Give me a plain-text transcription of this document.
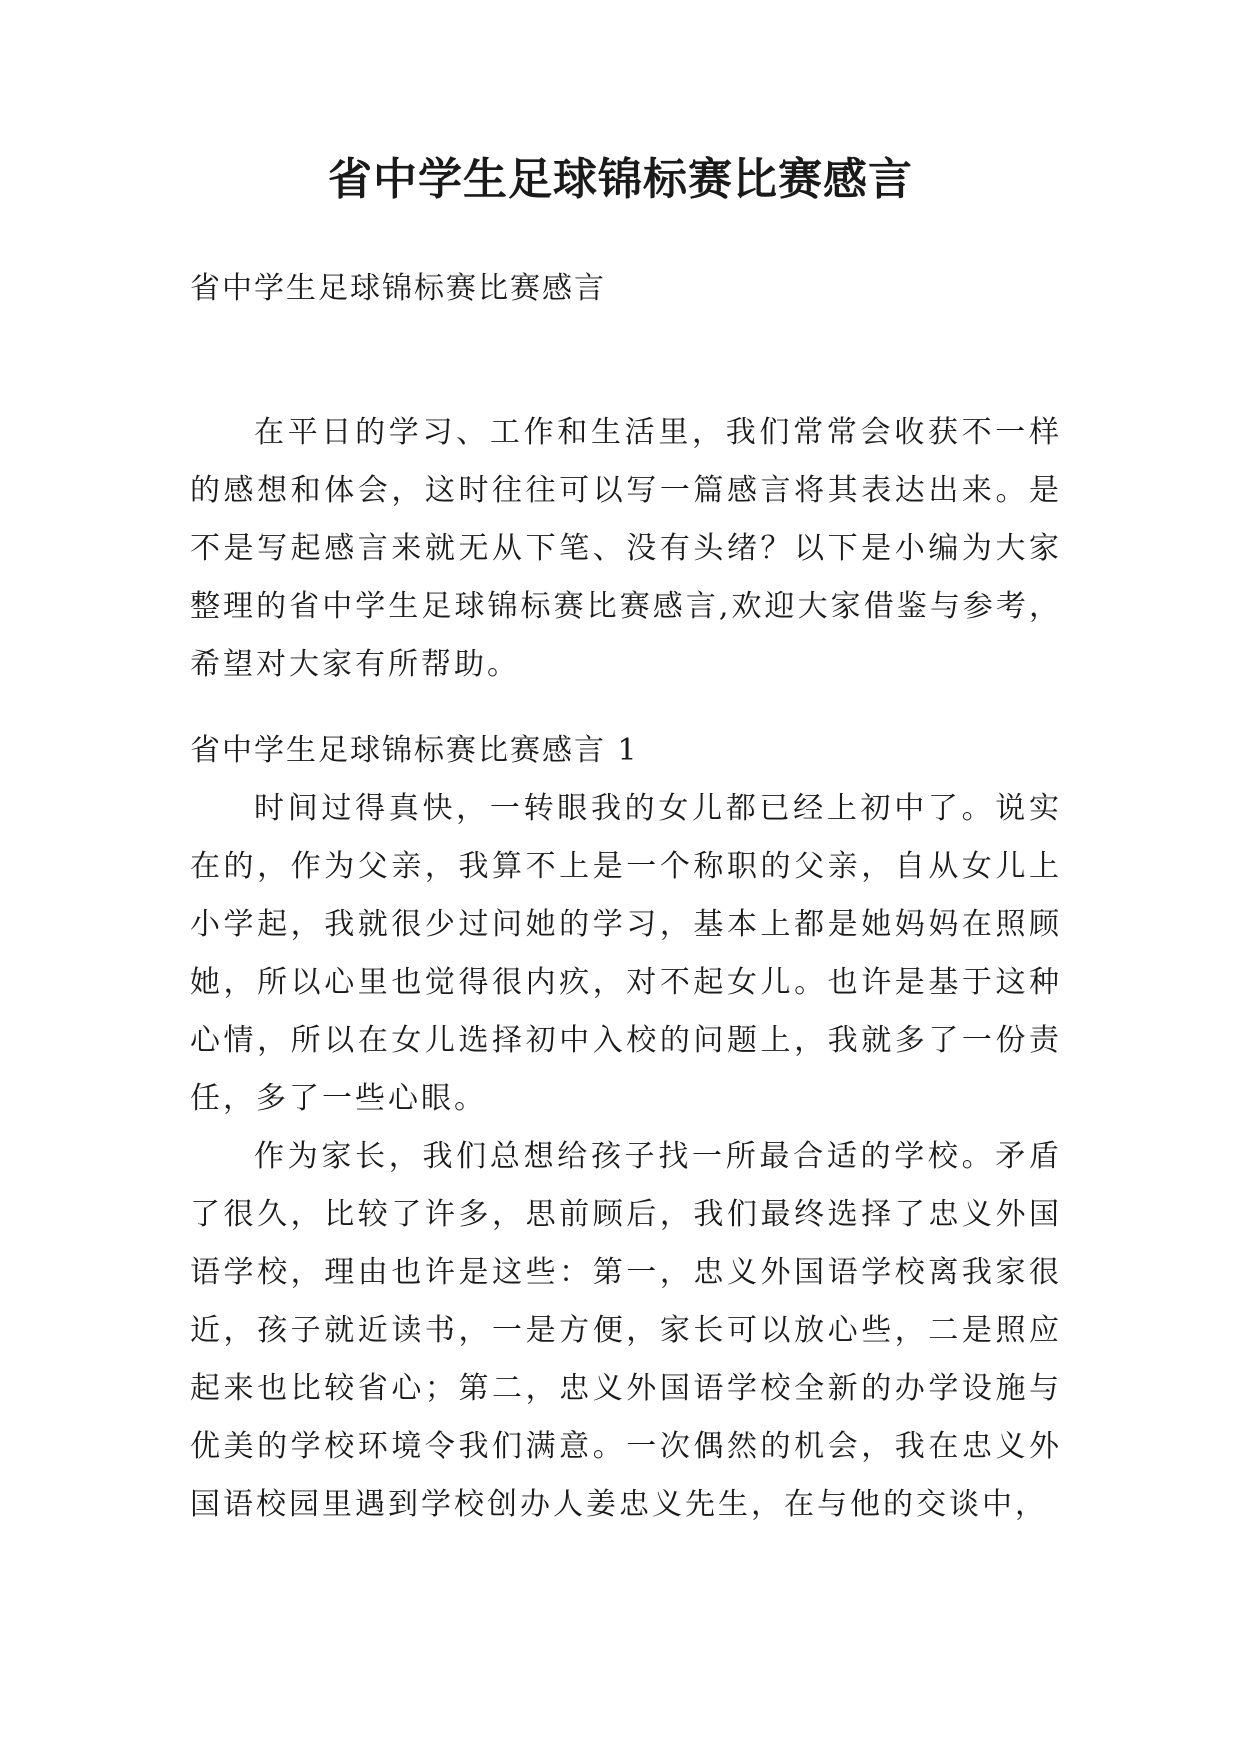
省中学生足球锦标赛比赛感言

省中学生足球锦标赛比赛感言

在平日的学习、工作和生活里，我们常常会收获不一样的感想和体会，这时往往可以写一篇感言将其表达出来。是不是写起感言来就无从下笔、没有头绪？以下是小编为大家整理的省中学生足球锦标赛比赛感言,欢迎大家借鉴与参考，希望对大家有所帮助。

省中学生足球锦标赛比赛感言 1

时间过得真快，一转眼我的女儿都已经上初中了。说实在的，作为父亲，我算不上是一个称职的父亲，自从女儿上小学起，我就很少过问她的学习，基本上都是她妈妈在照顾她，所以心里也觉得很内疚，对不起女儿。也许是基于这种心情，所以在女儿选择初中入校的问题上，我就多了一份责任，多了一些心眼。

作为家长，我们总想给孩子找一所最合适的学校。矛盾了很久，比较了许多，思前顾后，我们最终选择了忠义外国语学校，理由也许是这些：第一，忠义外国语学校离我家很近，孩子就近读书，一是方便，家长可以放心些，二是照应起来也比较省心；第二，忠义外国语学校全新的办学设施与优美的学校环境令我们满意。一次偶然的机会，我在忠义外国语校园里遇到学校创办人姜忠义先生，在与他的交谈中，
